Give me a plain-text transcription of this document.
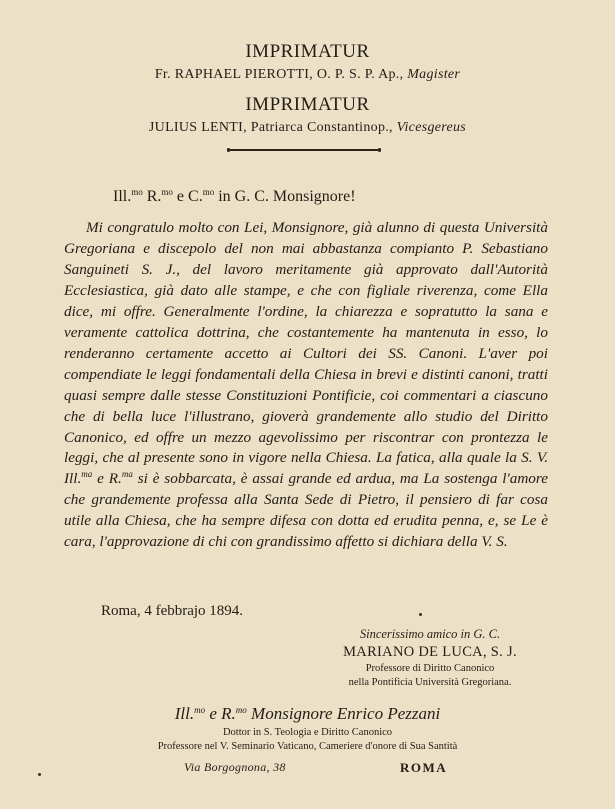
IMPRIMATUR
Fr. RAPHAEL PIEROTTI, O. P. S. P. Ap., Magister
IMPRIMATUR
JULIUS LENTI, Patriarca Constantinop., Vicesgereus
Ill.$^{mo}$ R.$^{mo}$ e C.$^{mo}$ in G. C. Monsignore!
Mi congratulo molto con Lei, Monsignore, già alunno di questa Università Gregoriana e discepolo del non mai abbastanza compianto P. Sebastiano Sanguineti S. J., del lavoro meritamente già approvato dall'Autorità Ecclesiastica, già dato alle stampe, e che con figliale riverenza, come Ella dice, mi offre. Generalmente l'ordine, la chiarezza e sopratutto la sana e veramente cattolica dottrina, che costantemente ha mantenuta in esso, lo renderanno certamente accetto ai Cultori dei SS. Canoni. L'aver poi compendiate le leggi fondamentali della Chiesa in brevi e distinti canoni, tratti quasi sempre dalle stesse Constituzioni Pontificie, coi commentari a ciascuno che di bella luce l'illustrano, gioverà grandemente allo studio del Diritto Canonico, ed offre un mezzo agevolissimo per riscontrar con prontezza le leggi, che al presente sono in vigore nella Chiesa. La fatica, alla quale la S. V. Ill.$^{ma}$ e R.$^{ma}$ si è sobbarcata, è assai grande ed ardua, ma La sostenga l'amore che grandemente professa alla Santa Sede di Pietro, il pensiero di far cosa utile alla Chiesa, che ha sempre difesa con dotta ed erudita penna, e, se Le è cara, l'approvazione di chi con grandissimo affetto si dichiara della V. S.
Roma, 4 febbrajo 1894.
Sincerissimo amico in G. C.
MARIANO DE LUCA, S. J.
Professore di Diritto Canonico
nella Pontificia Università Gregoriana.
Ill.$^{mo}$ e R.$^{mo}$ Monsignore Enrico Pezzani
Dottor in S. Teologia e Diritto Canonico
Professore nel V. Seminario Vaticano, Cameriere d'onore di Sua Santità
Via Borgognona, 38	ROMA
